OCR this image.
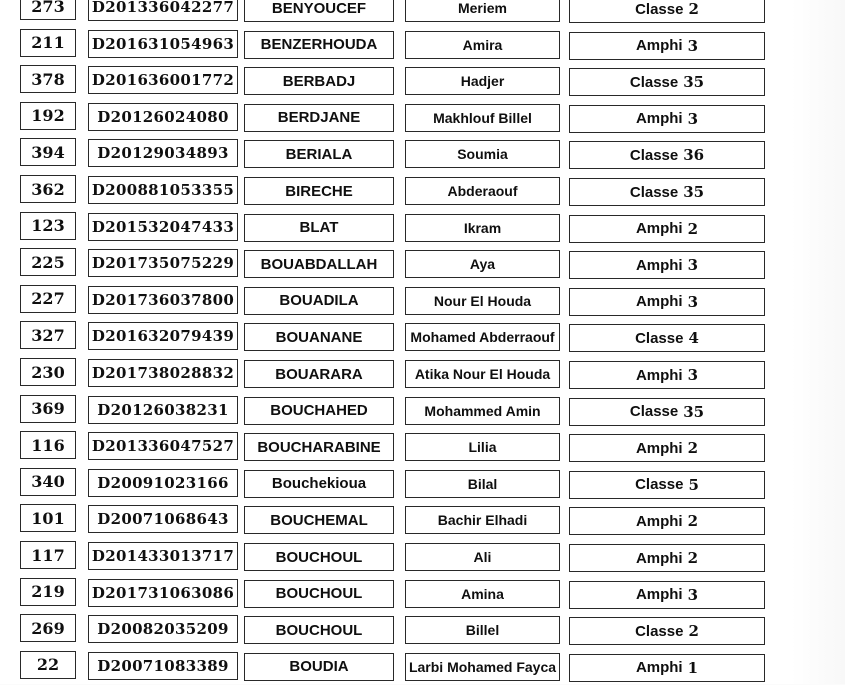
273	D201336042277	BENYOUCEF	Meriem	Classe 2
211	D201631054963	BENZERHOUDA	Amira	Amphi 3
378	D201636001772	BERBADJ	Hadjer	Classe 35
192	D20126024080	BERDJANE	Makhlouf Billel	Amphi 3
394	D20129034893	BERIALA	Soumia	Classe 36
362	D200881053355	BIRECHE	Abderaouf	Classe 35
123	D201532047433	BLAT	Ikram	Amphi 2
225	D201735075229	BOUABDALLAH	Aya	Amphi 3
227	D201736037800	BOUADILA	Nour El Houda	Amphi 3
327	D201632079439	BOUANANE	Mohamed Abderraouf	Classe 4
230	D201738028832	BOUARARA	Atika Nour El Houda	Amphi 3
369	D20126038231	BOUCHAHED	Mohammed Amin	Classe 35
116	D201336047527	BOUCHARABINE	Lilia	Amphi 2
340	D20091023166	Bouchekioua	Bilal	Classe 5
101	D20071068643	BOUCHEMAL	Bachir Elhadi	Amphi 2
117	D201433013717	BOUCHOUL	Ali	Amphi 2
219	D201731063086	BOUCHOUL	Amina	Amphi 3
269	D20082035209	BOUCHOUL	Billel	Classe 2
22	D20071083389	BOUDIA	Larbi Mohamed Fayca	Amphi 1
